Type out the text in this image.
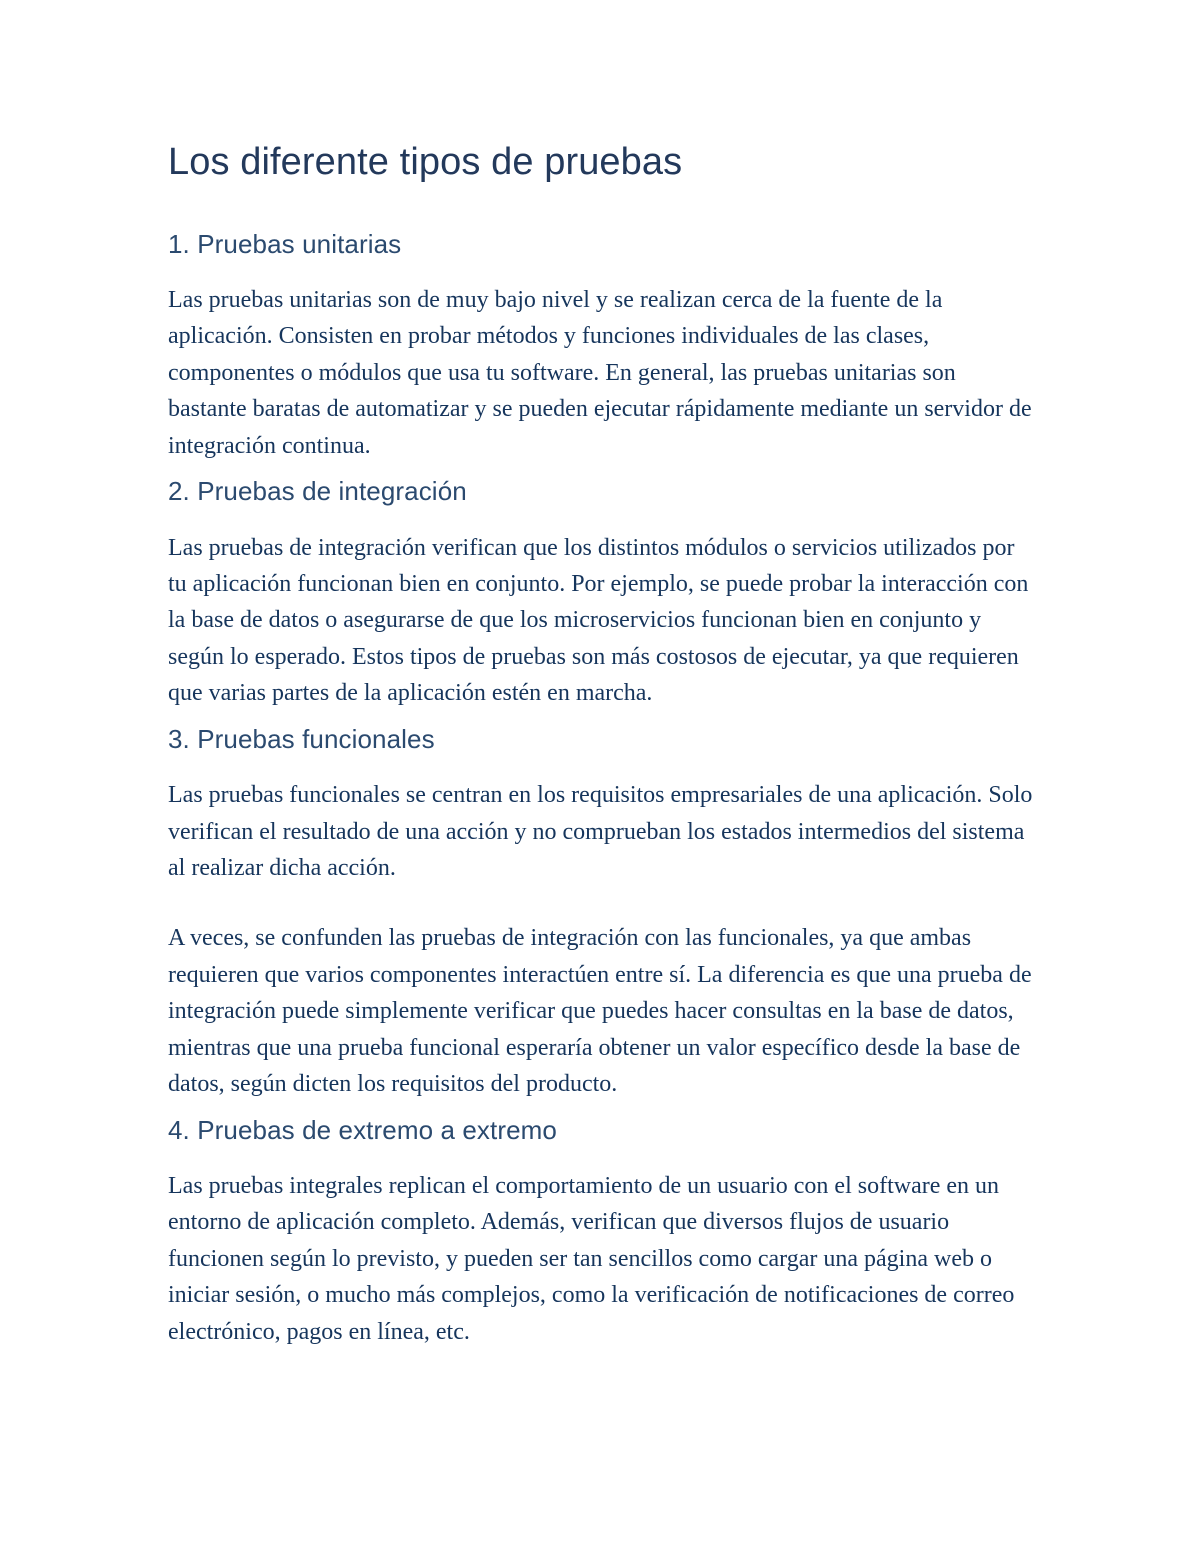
Los diferente tipos de pruebas
1. Pruebas unitarias

Las pruebas unitarias son de muy bajo nivel y se realizan cerca de la fuente de la aplicación. Consisten en probar métodos y funciones individuales de las clases, componentes o módulos que usa tu software. En general, las pruebas unitarias son bastante baratas de automatizar y se pueden ejecutar rápidamente mediante un servidor de integración continua.

2. Pruebas de integración

Las pruebas de integración verifican que los distintos módulos o servicios utilizados por tu aplicación funcionan bien en conjunto. Por ejemplo, se puede probar la interacción con la base de datos o asegurarse de que los microservicios funcionan bien en conjunto y según lo esperado. Estos tipos de pruebas son más costosos de ejecutar, ya que requieren que varias partes de la aplicación estén en marcha.

3. Pruebas funcionales

Las pruebas funcionales se centran en los requisitos empresariales de una aplicación. Solo verifican el resultado de una acción y no comprueban los estados intermedios del sistema al realizar dicha acción.

A veces, se confunden las pruebas de integración con las funcionales, ya que ambas requieren que varios componentes interactúen entre sí. La diferencia es que una prueba de integración puede simplemente verificar que puedes hacer consultas en la base de datos, mientras que una prueba funcional esperaría obtener un valor específico desde la base de datos, según dicten los requisitos del producto.

4. Pruebas de extremo a extremo

Las pruebas integrales replican el comportamiento de un usuario con el software en un entorno de aplicación completo. Además, verifican que diversos flujos de usuario funcionen según lo previsto, y pueden ser tan sencillos como cargar una página web o iniciar sesión, o mucho más complejos, como la verificación de notificaciones de correo electrónico, pagos en línea, etc.
